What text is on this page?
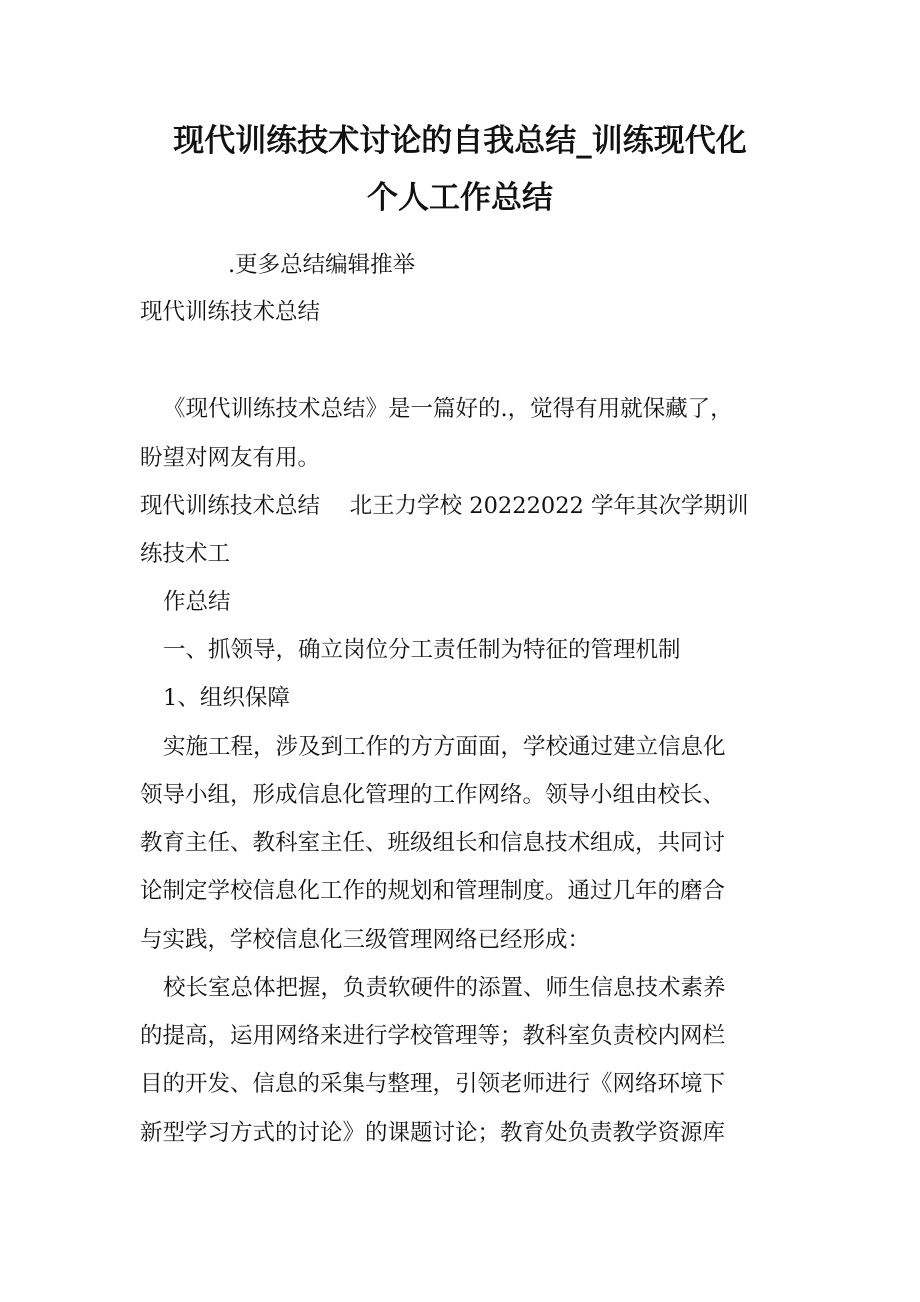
现代训练技术讨论的自我总结_训练现代化
个人工作总结

.更多总结编辑推举

现代训练技术总结

《现代训练技术总结》是一篇好的.，觉得有用就保藏了，

盼望对网友有用。

现代训练技术总结　 北王力学校 20222022 学年其次学期训

练技术工

作总结

一、抓领导，确立岗位分工责任制为特征的管理机制

1、组织保障

实施工程，涉及到工作的方方面面，学校通过建立信息化

领导小组，形成信息化管理的工作网络。领导小组由校长、

教育主任、教科室主任、班级组长和信息技术组成，共同讨

论制定学校信息化工作的规划和管理制度。通过几年的磨合

与实践，学校信息化三级管理网络已经形成：

校长室总体把握，负责软硬件的添置、师生信息技术素养

的提高，运用网络来进行学校管理等；教科室负责校内网栏

目的开发、信息的采集与整理，引领老师进行《网络环境下

新型学习方式的讨论》的课题讨论；教育处负责教学资源库
